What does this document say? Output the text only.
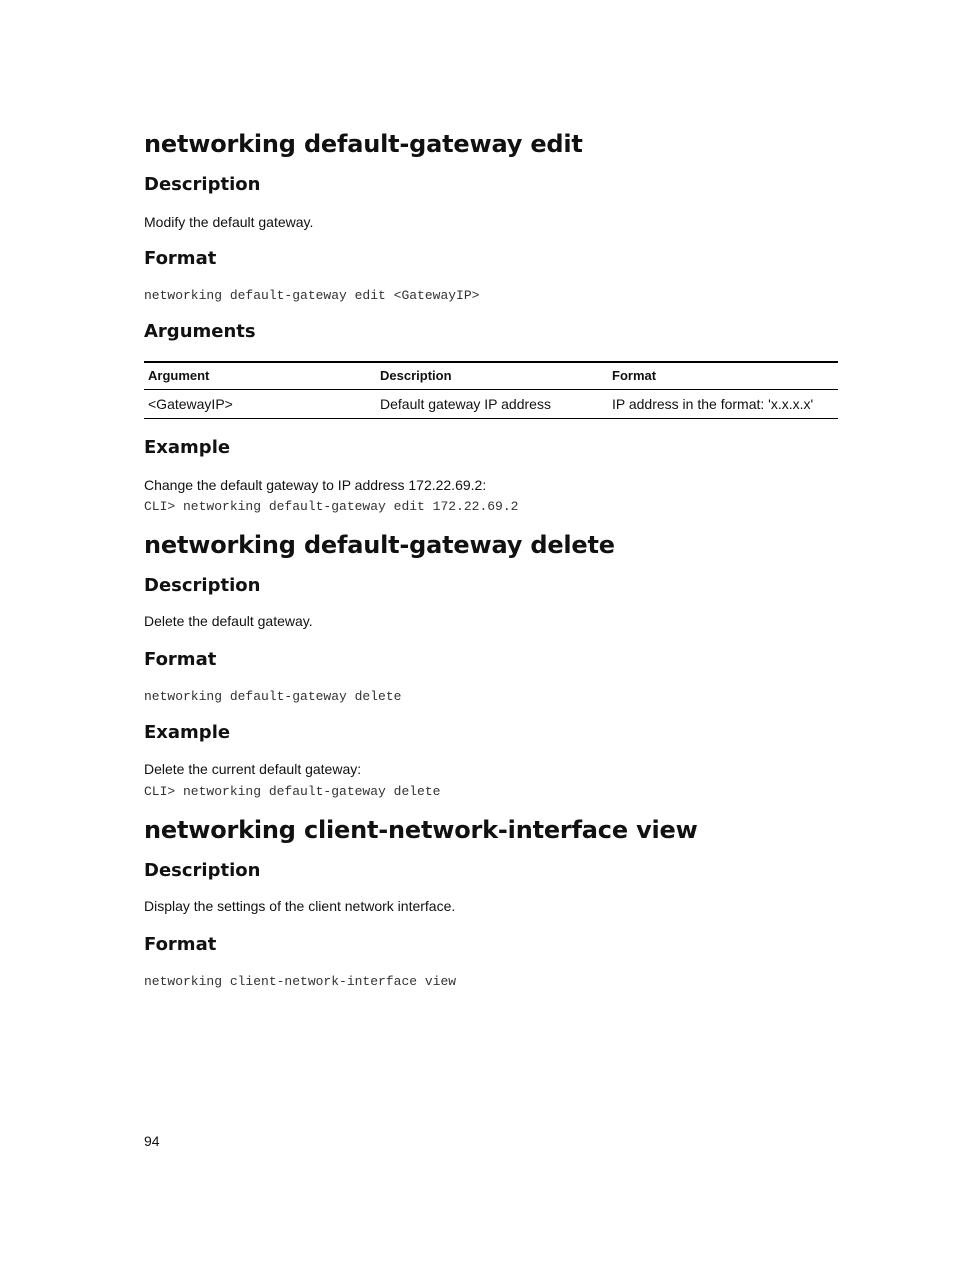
networking default-gateway edit
Description

Modify the default gateway.

Format
networking default-gateway edit <GatewayIP>
Arguments
Argument	Description	Format
<GatewayIP>	Default gateway IP address	IP address in the format: 'x.x.x.x'
Example

Change the default gateway to IP address 172.22.69.2:

CLI> networking default-gateway edit 172.22.69.2
networking default-gateway delete
Description

Delete the default gateway.

Format
networking default-gateway delete
Example

Delete the current default gateway:

CLI> networking default-gateway delete
networking client-network-interface view
Description

Display the settings of the client network interface.

Format
networking client-network-interface view
94
